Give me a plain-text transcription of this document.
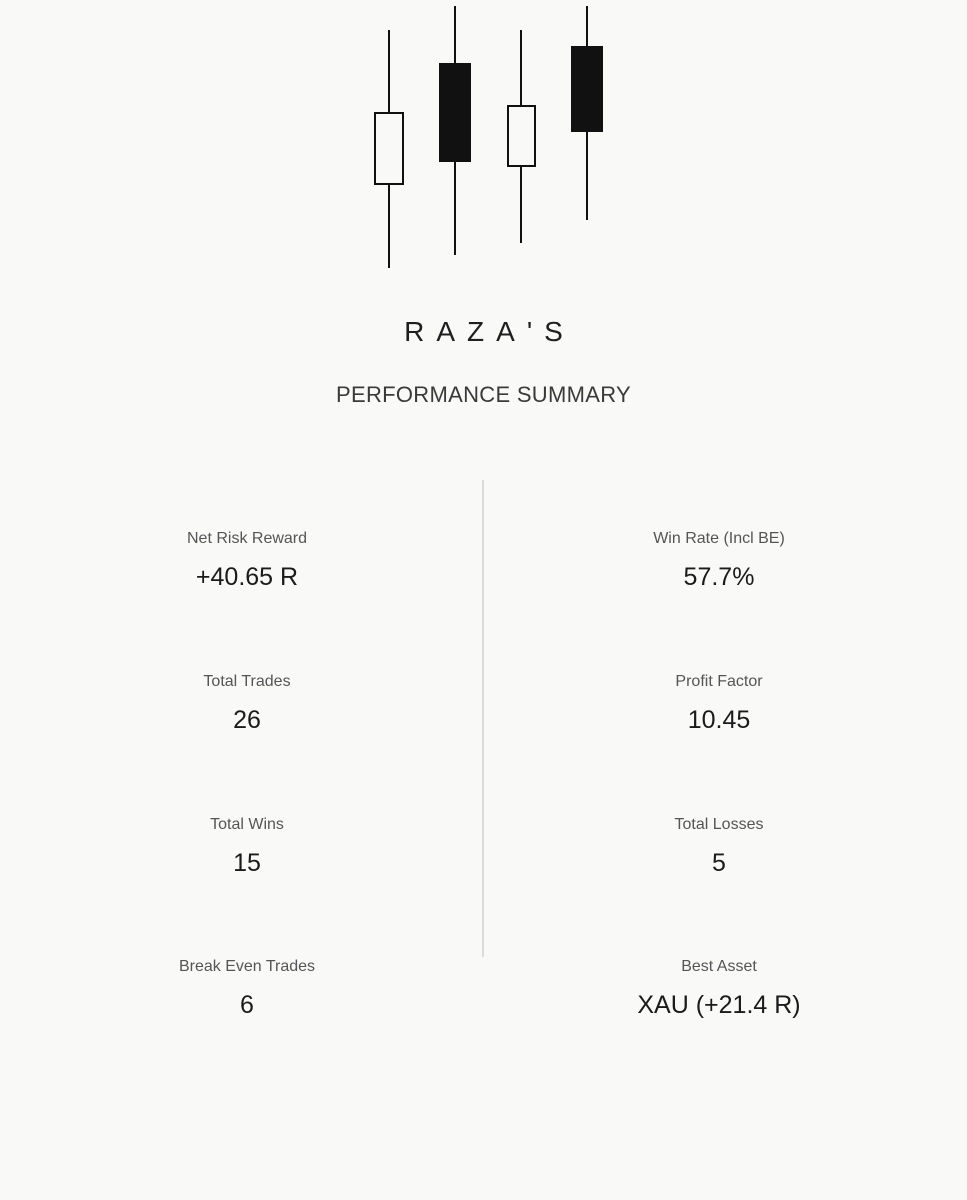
RAZA'S
PERFORMANCE SUMMARY
Net Risk Reward
+40.65 R
Total Trades
26
Total Wins
15
Break Even Trades
6
Win Rate (Incl BE)
57.7%
Profit Factor
10.45
Total Losses
5
Best Asset
XAU (+21.4 R)
